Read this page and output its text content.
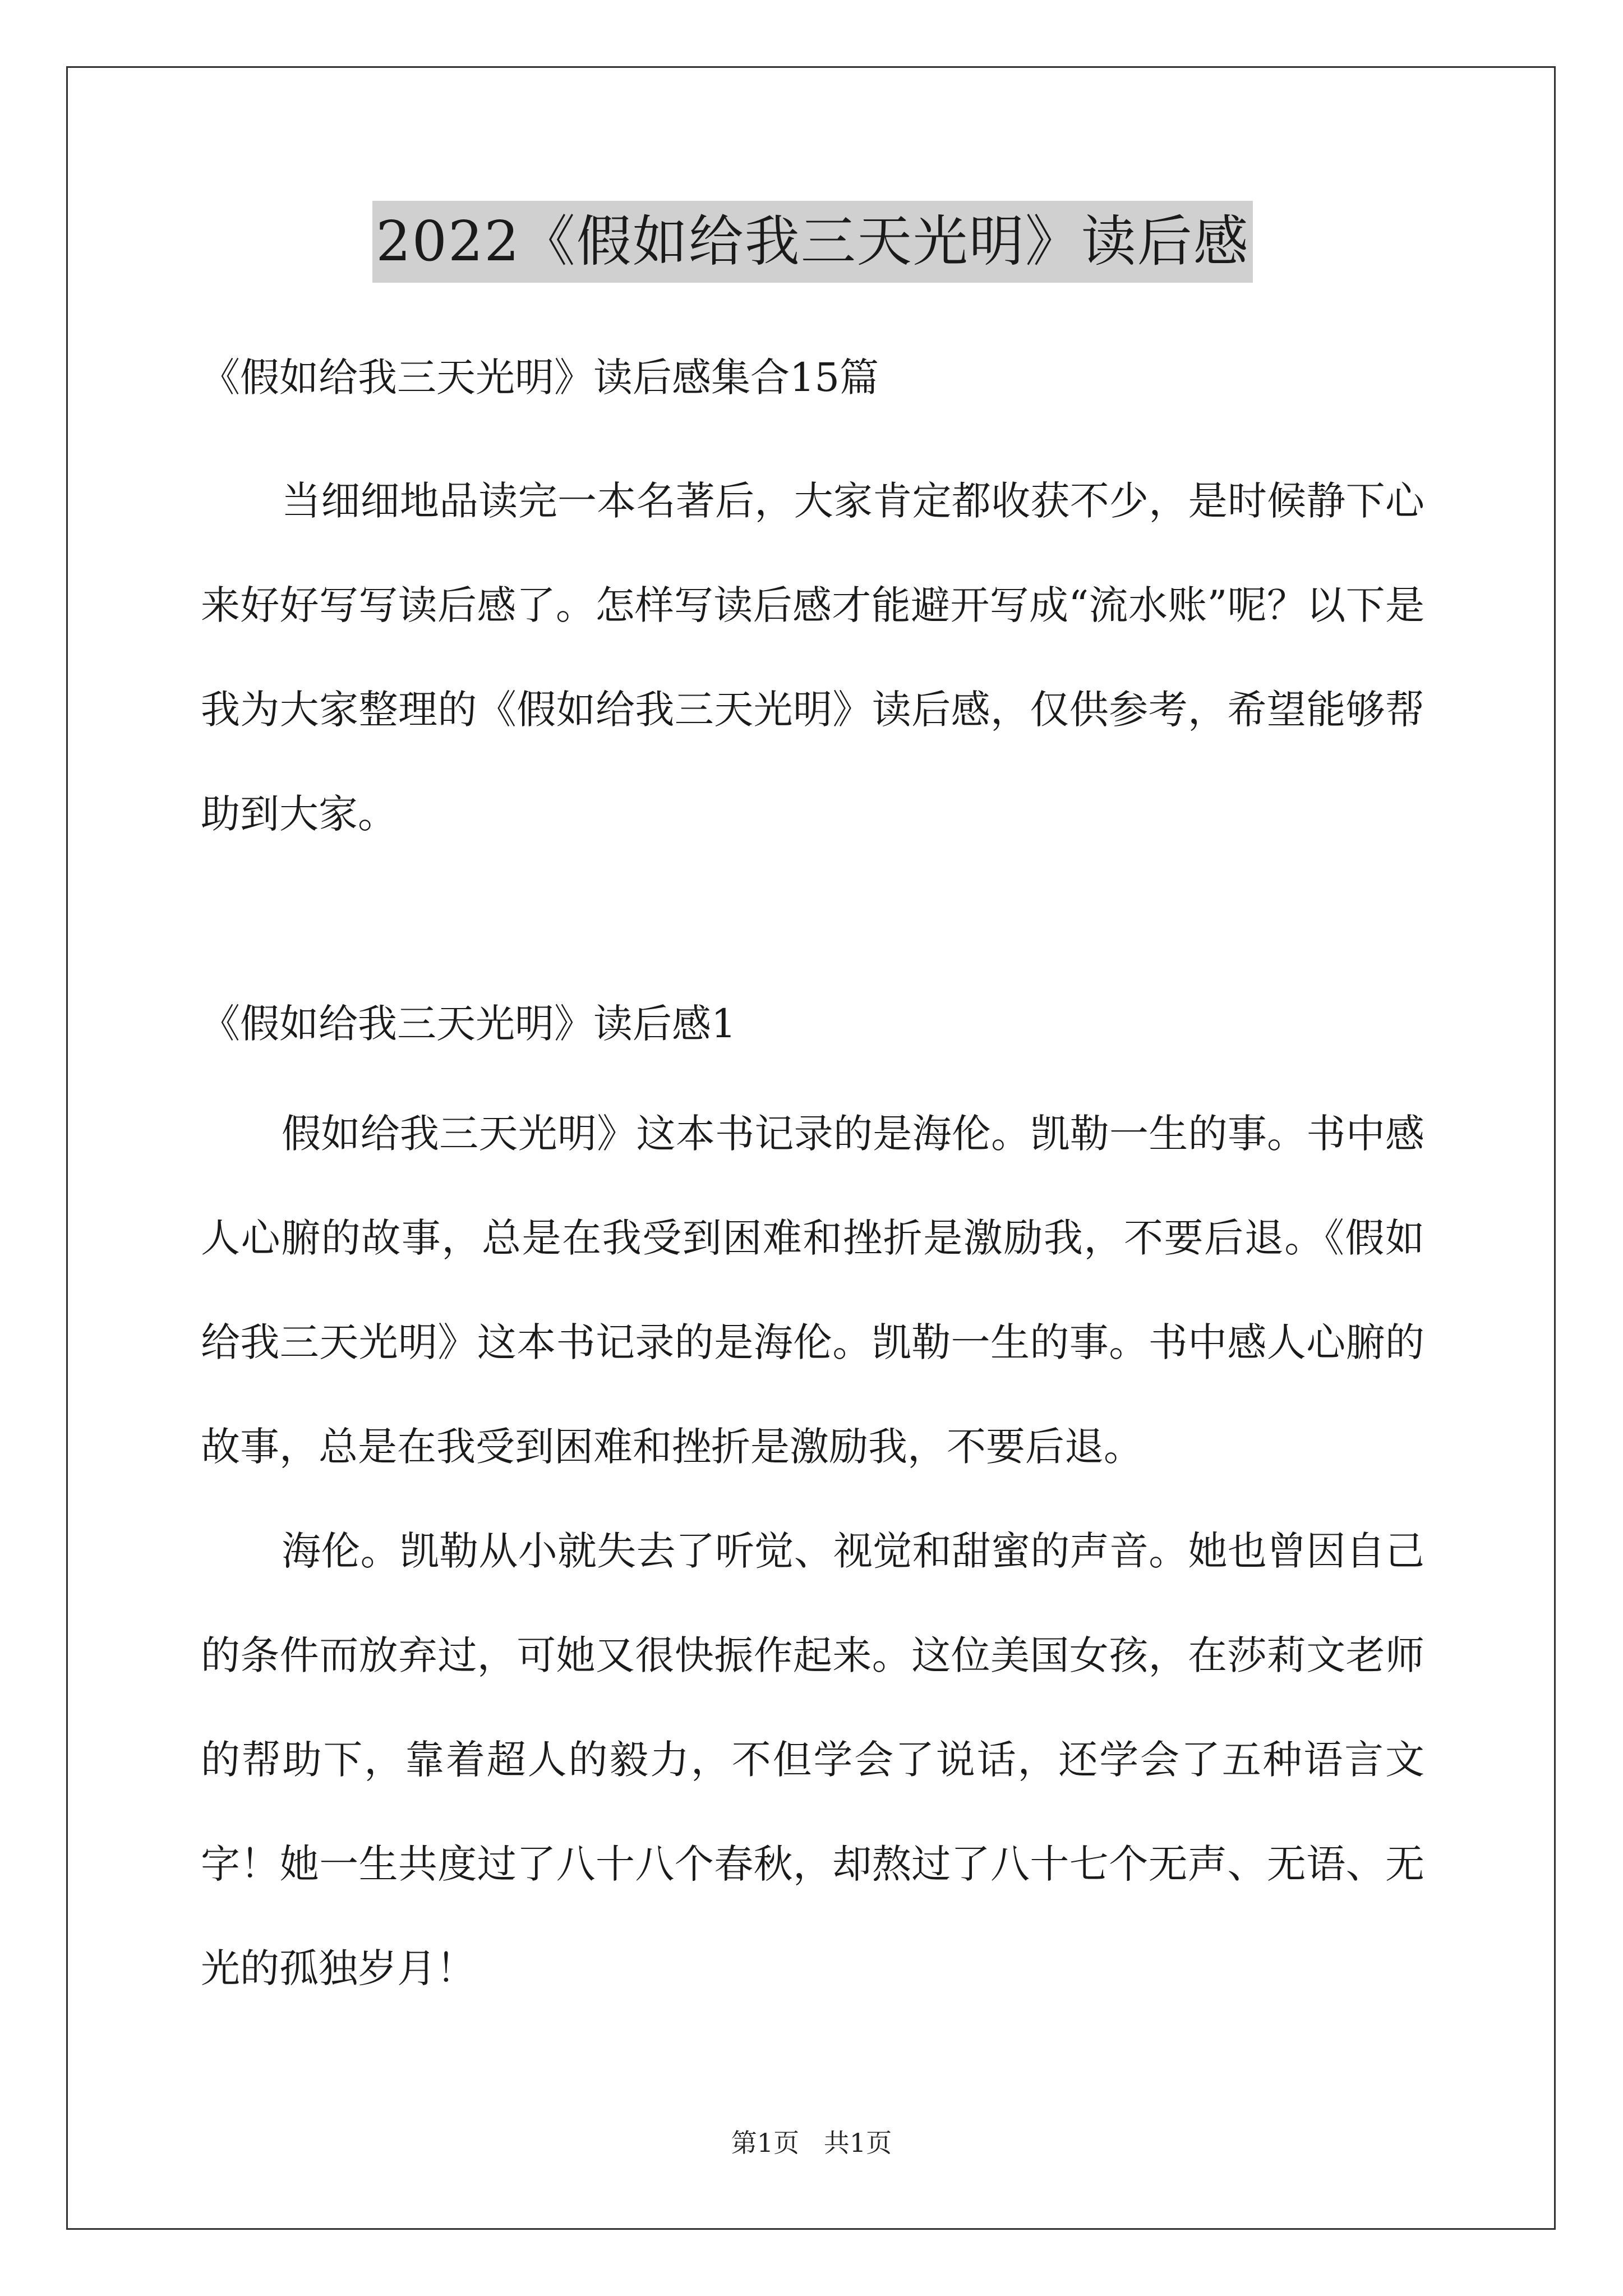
2022《假如给我三天光明》读后感

《假如给我三天光明》读后感集合15篇

当细细地品读完一本名著后，大家肯定都收获不少，是时候静下心来好好写写读后感了。怎样写读后感才能避开写成“流水账”呢？以下是我为大家整理的《假如给我三天光明》读后感，仅供参考，希望能够帮助到大家。

《假如给我三天光明》读后感1

假如给我三天光明》这本书记录的是海伦。凯勒一生的事。书中感人心腑的故事，总是在我受到困难和挫折是激励我，不要后退。《假如给我三天光明》这本书记录的是海伦。凯勒一生的事。书中感人心腑的故事，总是在我受到困难和挫折是激励我，不要后退。

海伦。凯勒从小就失去了听觉、视觉和甜蜜的声音。她也曾因自己的条件而放弃过，可她又很快振作起来。这位美国女孩，在莎莉文老师的帮助下，靠着超人的毅力，不但学会了说话，还学会了五种语言文字！她一生共度过了八十八个春秋，却熬过了八十七个无声、无语、无光的孤独岁月！

第1页   共1页
